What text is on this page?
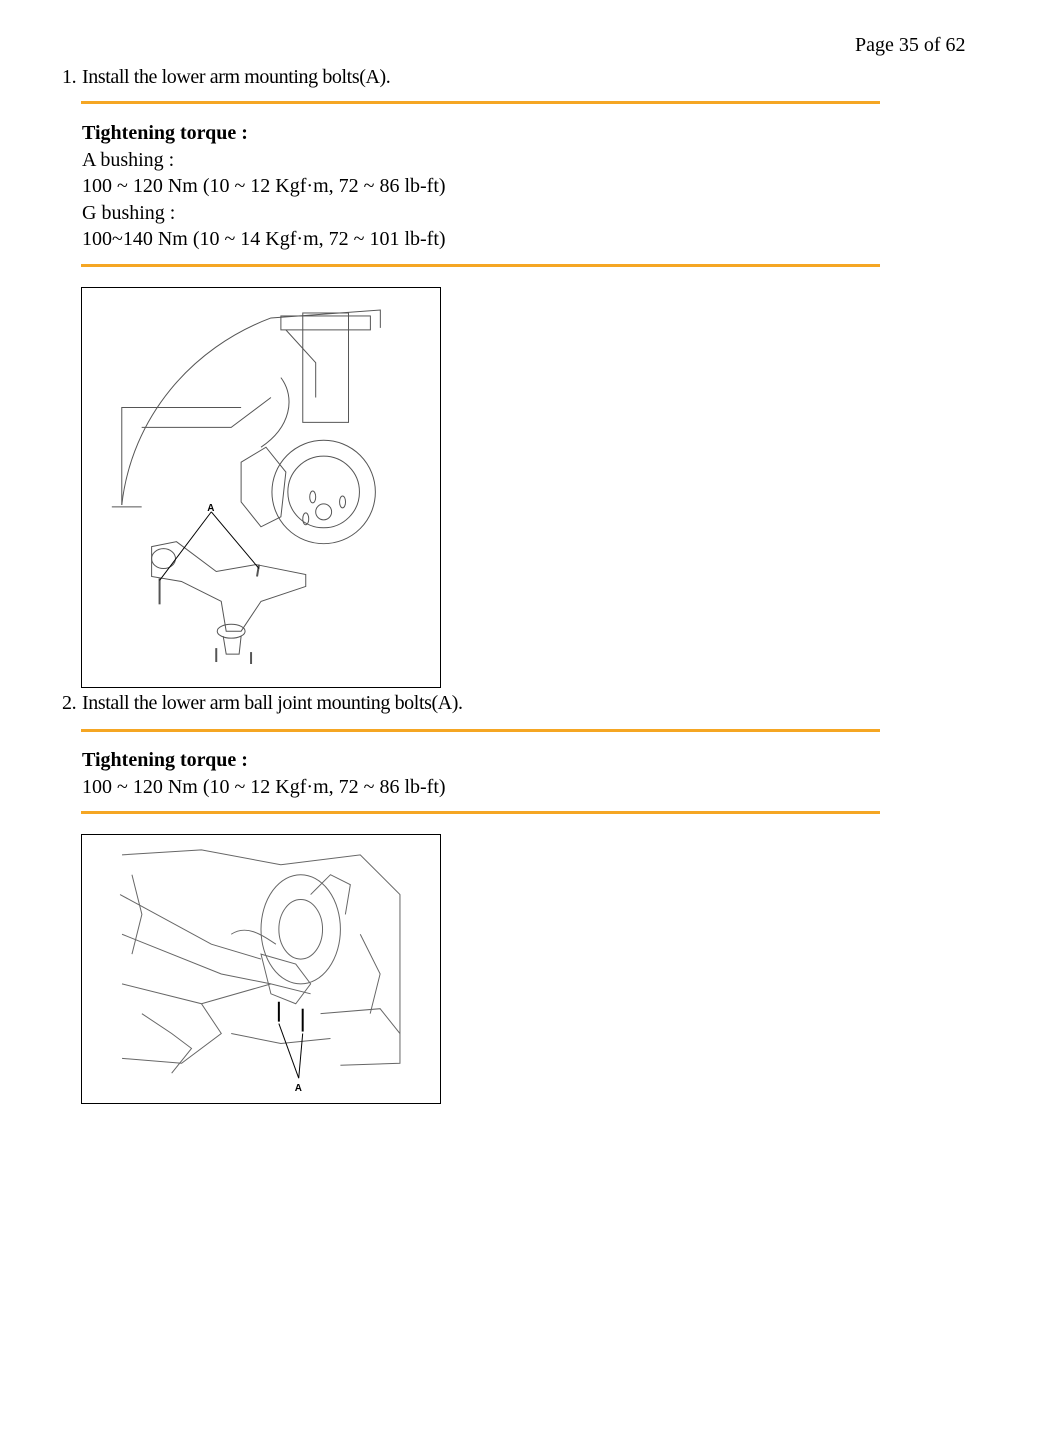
Page 35 of 62
1. Install the lower arm mounting bolts(A).
Tightening torque :
A bushing :
100 ~ 120 Nm (10 ~ 12 Kgf·m, 72 ~ 86 lb-ft)
G bushing :
100~140 Nm (10 ~ 14 Kgf·m, 72 ~ 101 lb-ft)
A
2. Install the lower arm ball joint mounting bolts(A).
Tightening torque :
100 ~ 120 Nm (10 ~ 12 Kgf·m, 72 ~ 86 lb-ft)
A
